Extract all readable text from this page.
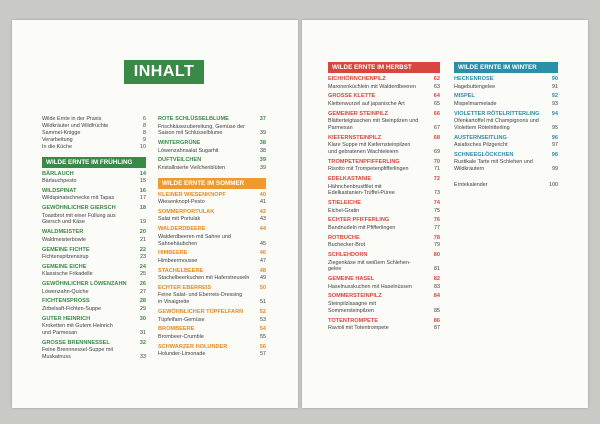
INHALT
Wilde Ernte in der Praxis	6
Wildkräuter und Wildfrüchte	8
Sammel-Knigge	8
Verarbeitung	9
In die Küche	10
WILDE ERNTE IM FRÜHLING
BÄRLAUCH	14
Bärlauchpesto	15
WILDSPINAT	16
Wildspinatschnecke mit Tapas	17
GEWÖHNLICHER GIERSCH	18
Toastbrot mit einer Füllung aus
Giersch und Käse	19
WALDMEISTER	20
Waldmeisterbowle	21
GEMEINE FICHTE	22
Fichtenspitzensirup	23
GEMEINE EICHE	24
Klassische Frikadelle	25
GEWÖHNLICHER LÖWENZAHN 26
Löwenzahn-Quiche	27
FICHTENSPROSS	28
Zirbelsaft-Fichten-Suppe	29
GUTER HEINRICH	30
Kroketten mit Gutem Heinrich
und Parmesan	31
GROSSE BRENNNESSEL	32
Feine Brennnessel-Suppe mit
Muskatnuss	33
ROTE SCHLÜSSELBLUME	37
Frischkäsezubereitung, Gemüse der
Saison mit Schlüsselblume	39
WINTERGRÜNE	38
Löwenzahnsalat Sugarhit	38
DUFTVEILCHEN	39
Kristallisierte Veilchenblüten	39
WILDE ERNTE IM SOMMER
KLEINER WIESENKNOPF	40
Wiesenknopf-Pesto	41
SOMMERPORTULAK	42
Salat mit Portulak	43
WALDERDBEERE	44
Walderdbeeren mit Sahne und
Sahnehäubchen	45
HIMBEERE	46
Himbeermousse	47
STACHELBEERE	48
Stachelbeerkuchen mit Haferstreuseln	49
ECHTER EBERREIS	50
Feine Salat- und Eberreis-Dressing
in Vinaigrette	51
GEWÖHNLICHER TÜPFELFARN	52
Tüpfelfarn-Gemüse	53
BROMBEERE	54
Brombeer-Crumble	55
SCHWARZER HOLUNDER	56
Holunder-Limonade	57
WILDE ERNTE IM HERBST
EICHHÖRNCHENPILZ	62
Maronenküchlein mit Walderdbeeren	63
GROSSE KLETTE	64
Klettenwurzel auf japanische Art	65
GEMEINER STEINPILZ	66
Blätterteigtaschen mit Steinpilzen und
Parmesan	67
KIEFERNSTEINPILZ	68
Klare Suppe mit Kiefernsteinpilzen
und gebratenen Wachteleiern	69
TROMPETENPFIFFERLING	70
Risotto mit Trompetenpfifferlingen	71
EDELKASTANIE	72
Hähnchenbrustfilet mit
Edelkastanien-Trüffel-Püree	73
STIELEICHE	74
Eichel-Gratin	75
ECHTER PFIFFERLING	76
Bandnudeln mit Pfifferlingen	77
ROTBUCHE	78
Buchecker-Brot	79
SCHLEHDORN	80
Ziegenkäse mit weißem Schlehen-
gelee	81
GEMEINE HASEL	82
Haselnusskuchen mit Haselnüssen	83
SOMMERSTEINPILZ	84
Steinpilzlasagne mit
Sommersteinpilzen	85
TOTENTROMPETE	86
Ravioli mit Totentrompete	87
WILDE ERNTE IM WINTER
HECKENROSE	90
Hagebuttengelee	91
MISPEL	92
Mispelmarmelade	93
VIOLETTER RÖTELRITTERLING 94
Ofenkartoffel mit Champignons und
Violettem Rötelritterling	95
AUSTERNSEITLING	96
Asiatisches Pilzgericht	97
SCHNEEGLÖCKCHEN	98
Rustikale Tarte mit Schlehen und
Wildkräutern	99
Erntekalender	100
